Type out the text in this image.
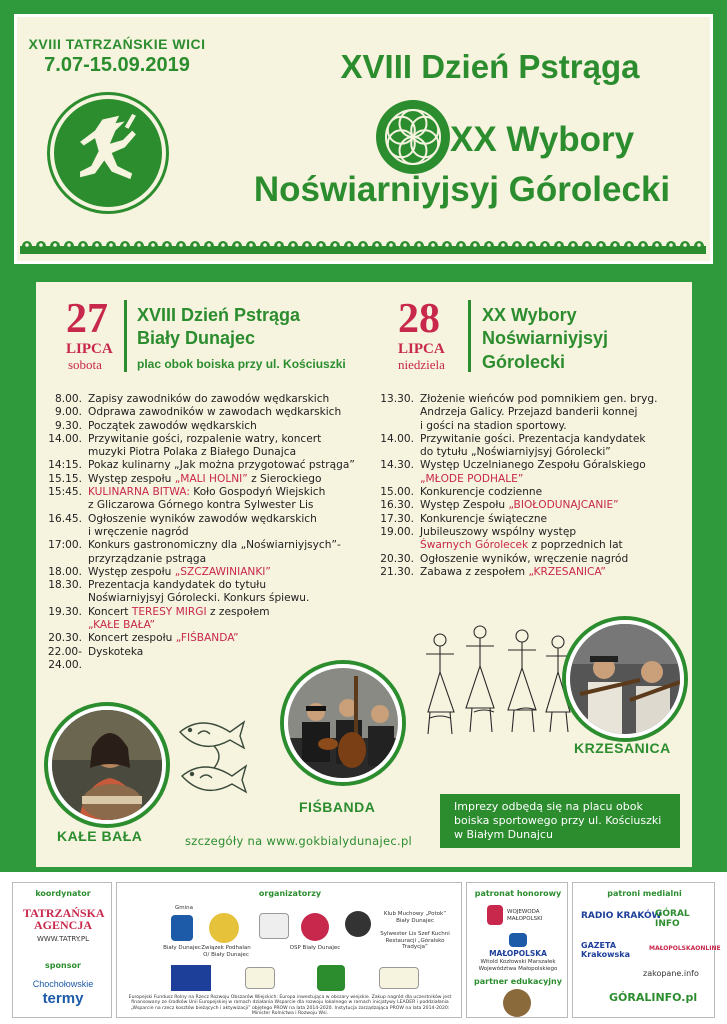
XVIII TATRZAŃSKIE WICI
7.07-15.09.2019	XVIII Dzień Pstrąga
XX Wybory
Noświarniyjsyj Górolecki
27
LIPCA
sobota
XVIII Dzień Pstrąga
Biały Dunajec
plac obok boiska przy ul. Kościuszki
28
LIPCA
niedziela
XX Wybory
Noświarniyjsyj
Górolecki
8.00. Zapisy zawodników do zawodów wędkarskich
9.00. Odprawa zawodników w zawodach wędkarskich
9.30. Początek zawodów wędkarskich
14.00. Przywitanie gości, rozpalenie watry, koncert
muzyki Piotra Polaka z Białego Dunajca
14:15. Pokaz kulinarny „Jak można przygotować pstrąga”
15.15. Występ zespołu „MALI HOLNI” z Sierockiego
15:45. KULINARNA BITWA: Koło Gospodyń Wiejskich
z Gliczarowa Górnego kontra Sylwester Lis
16.45. Ogłoszenie wyników zawodów wędkarskich
i wręczenie nagród
17:00. Konkurs gastronomiczny dla „Noświarniyjsych”-
przyrządzanie pstrąga
18.00. Występ zespołu „SZCZAWINIANKI”
18.30. Prezentacja kandydatek do tytułu
Noświarniyjsyj Górolecki. Konkurs śpiewu.
19.30. Koncert TERESY MIRGI z zespołem
„KAŁE BAŁA”
20.30. Koncert zespołu „FIŚBANDA”
22.00-24.00.
Dyskoteka
13.30. Złożenie wieńców pod pomnikiem gen. bryg.
Andrzeja Galicy. Przejazd banderii konnej
i gości na stadion sportowy.
14.00. Przywitanie gości. Prezentacja kandydatek
do tytułu „Noświarniyjsyj Górolecki”
14.30. Występ Uczelnianego Zespołu Góralskiego
„MŁODE PODHALE”
15.00. Konkurencje codzienne
16.30. Występ Zespołu „BIOŁODUNAJCANIE”
17.30. Konkurencje świąteczne
19.00. Jubileuszowy wspólny występ
Śwarnych Górolecek z poprzednich lat
20.30. Ogłoszenie wyników, wręczenie nagród
21.30. Zabawa z zespołem „KRZESANICA”
KAŁE BAŁA
FIŚBANDA
KRZESANICA
Imprezy odbędą się na placu obok boiska sportowego przy ul. Kościuszki w Białym Dunajcu
szczegóły na www.gokbialydunajec.pl
koordynator
TATRZAŃSKA AGENCJA
WWW.TATRY.PL
sponsor
Chochołowskie
termy
organizatorzy
Gmina
Biały Dunajec Związek Podhalan O/ Biały Dunajec
OSP Biały Dunajec
Klub Muchowy „Potok” Biały Dunajec
Sylwester Lis Szef Kuchni Restauracji „Góralsko Tradycja”
Europejski Fundusz Rolny na Rzecz Rozwoju Obszarów Wiejskich: Europa inwestująca w obszary wiejskie. Zakup nagród dla uczestników jest finansowany ze środków Unii Europejskiej w ramach działania Wsparcie dla rozwoju lokalnego w ramach inicjatywy LEADER i poddziałania „Wsparcie na rzecz kosztów bieżących i aktywizacji” objętego PROW na lata 2014-2020. Instytucja zarządzająca PROW na lata 2014-2020: Minister Rolnictwa i Rozwoju Wsi.
patronat honorowy
WOJEWODA MAŁOPOLSKI
MAŁOPOLSKA
Witold Kozłowski Marszałek Województwa Małopolskiego
partner edukacyjny
patroni medialni
RADIO KRAKÓW
GÓRAL INFO
GAZETA Krakowska
MAŁOPOLSKAONLINE
zakopane.info
GÓRALINFO.pl
